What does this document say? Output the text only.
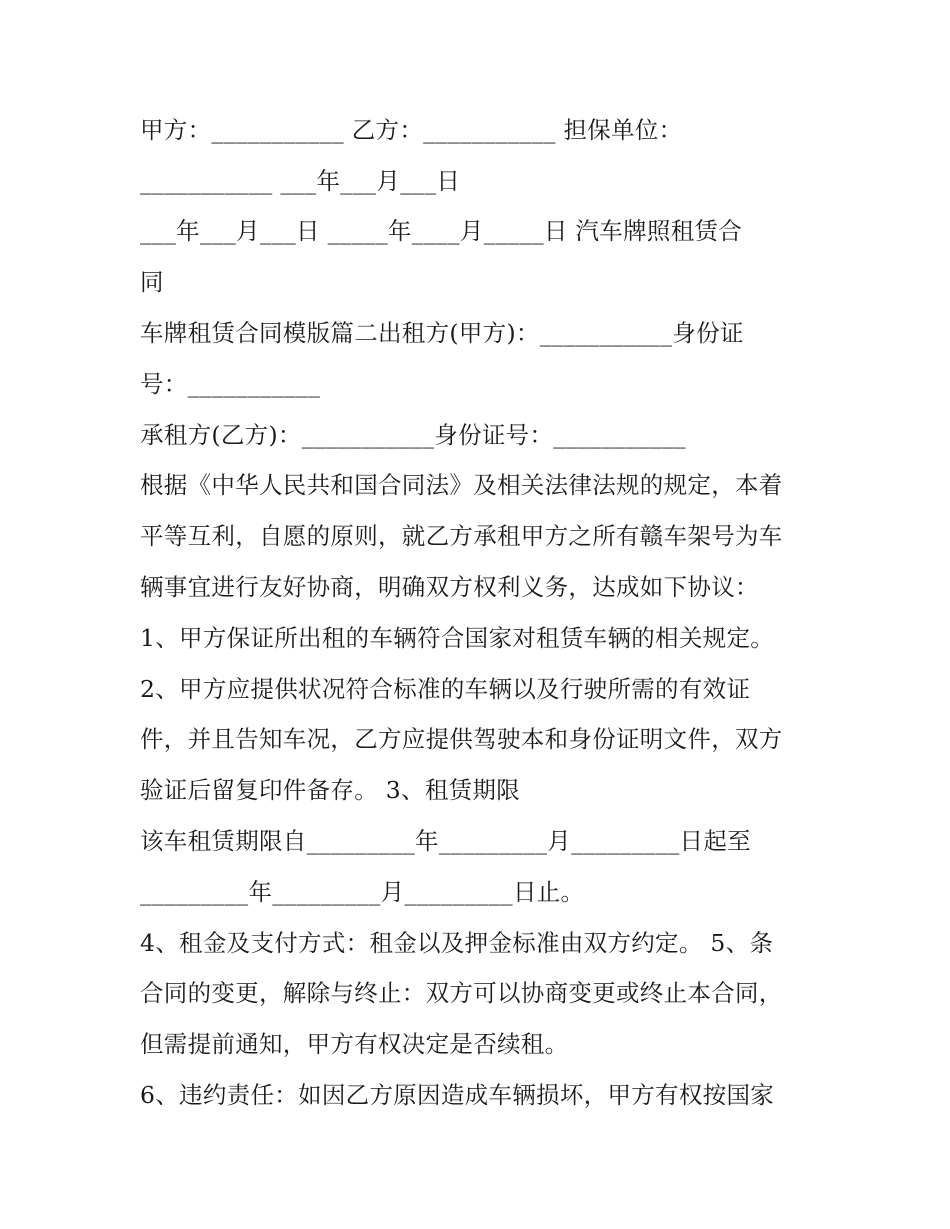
甲方：___________ 乙方：___________ 担保单位：
___________ ___年___月___日
___年___月___日 _____年____月_____日 汽车牌照租赁合
同
车牌租赁合同模版篇二出租方(甲方)：___________身份证
号：___________
承租方(乙方)：___________身份证号：___________
根据《中华人民共和国合同法》及相关法律法规的规定，本着
平等互利，自愿的原则，就乙方承租甲方之所有赣车架号为车
辆事宜进行友好协商，明确双方权利义务，达成如下协议：
1、甲方保证所出租的车辆符合国家对租赁车辆的相关规定。
2、甲方应提供状况符合标准的车辆以及行驶所需的有效证
件，并且告知车况，乙方应提供驾驶本和身份证明文件，双方
验证后留复印件备存。 3、租赁期限
该车租赁期限自_________年_________月_________日起至
_________年_________月_________日止。
4、租金及支付方式：租金以及押金标准由双方约定。 5、条
合同的变更，解除与终止：双方可以协商变更或终止本合同，
但需提前通知，甲方有权决定是否续租。
6、违约责任：如因乙方原因造成车辆损坏，甲方有权按国家
